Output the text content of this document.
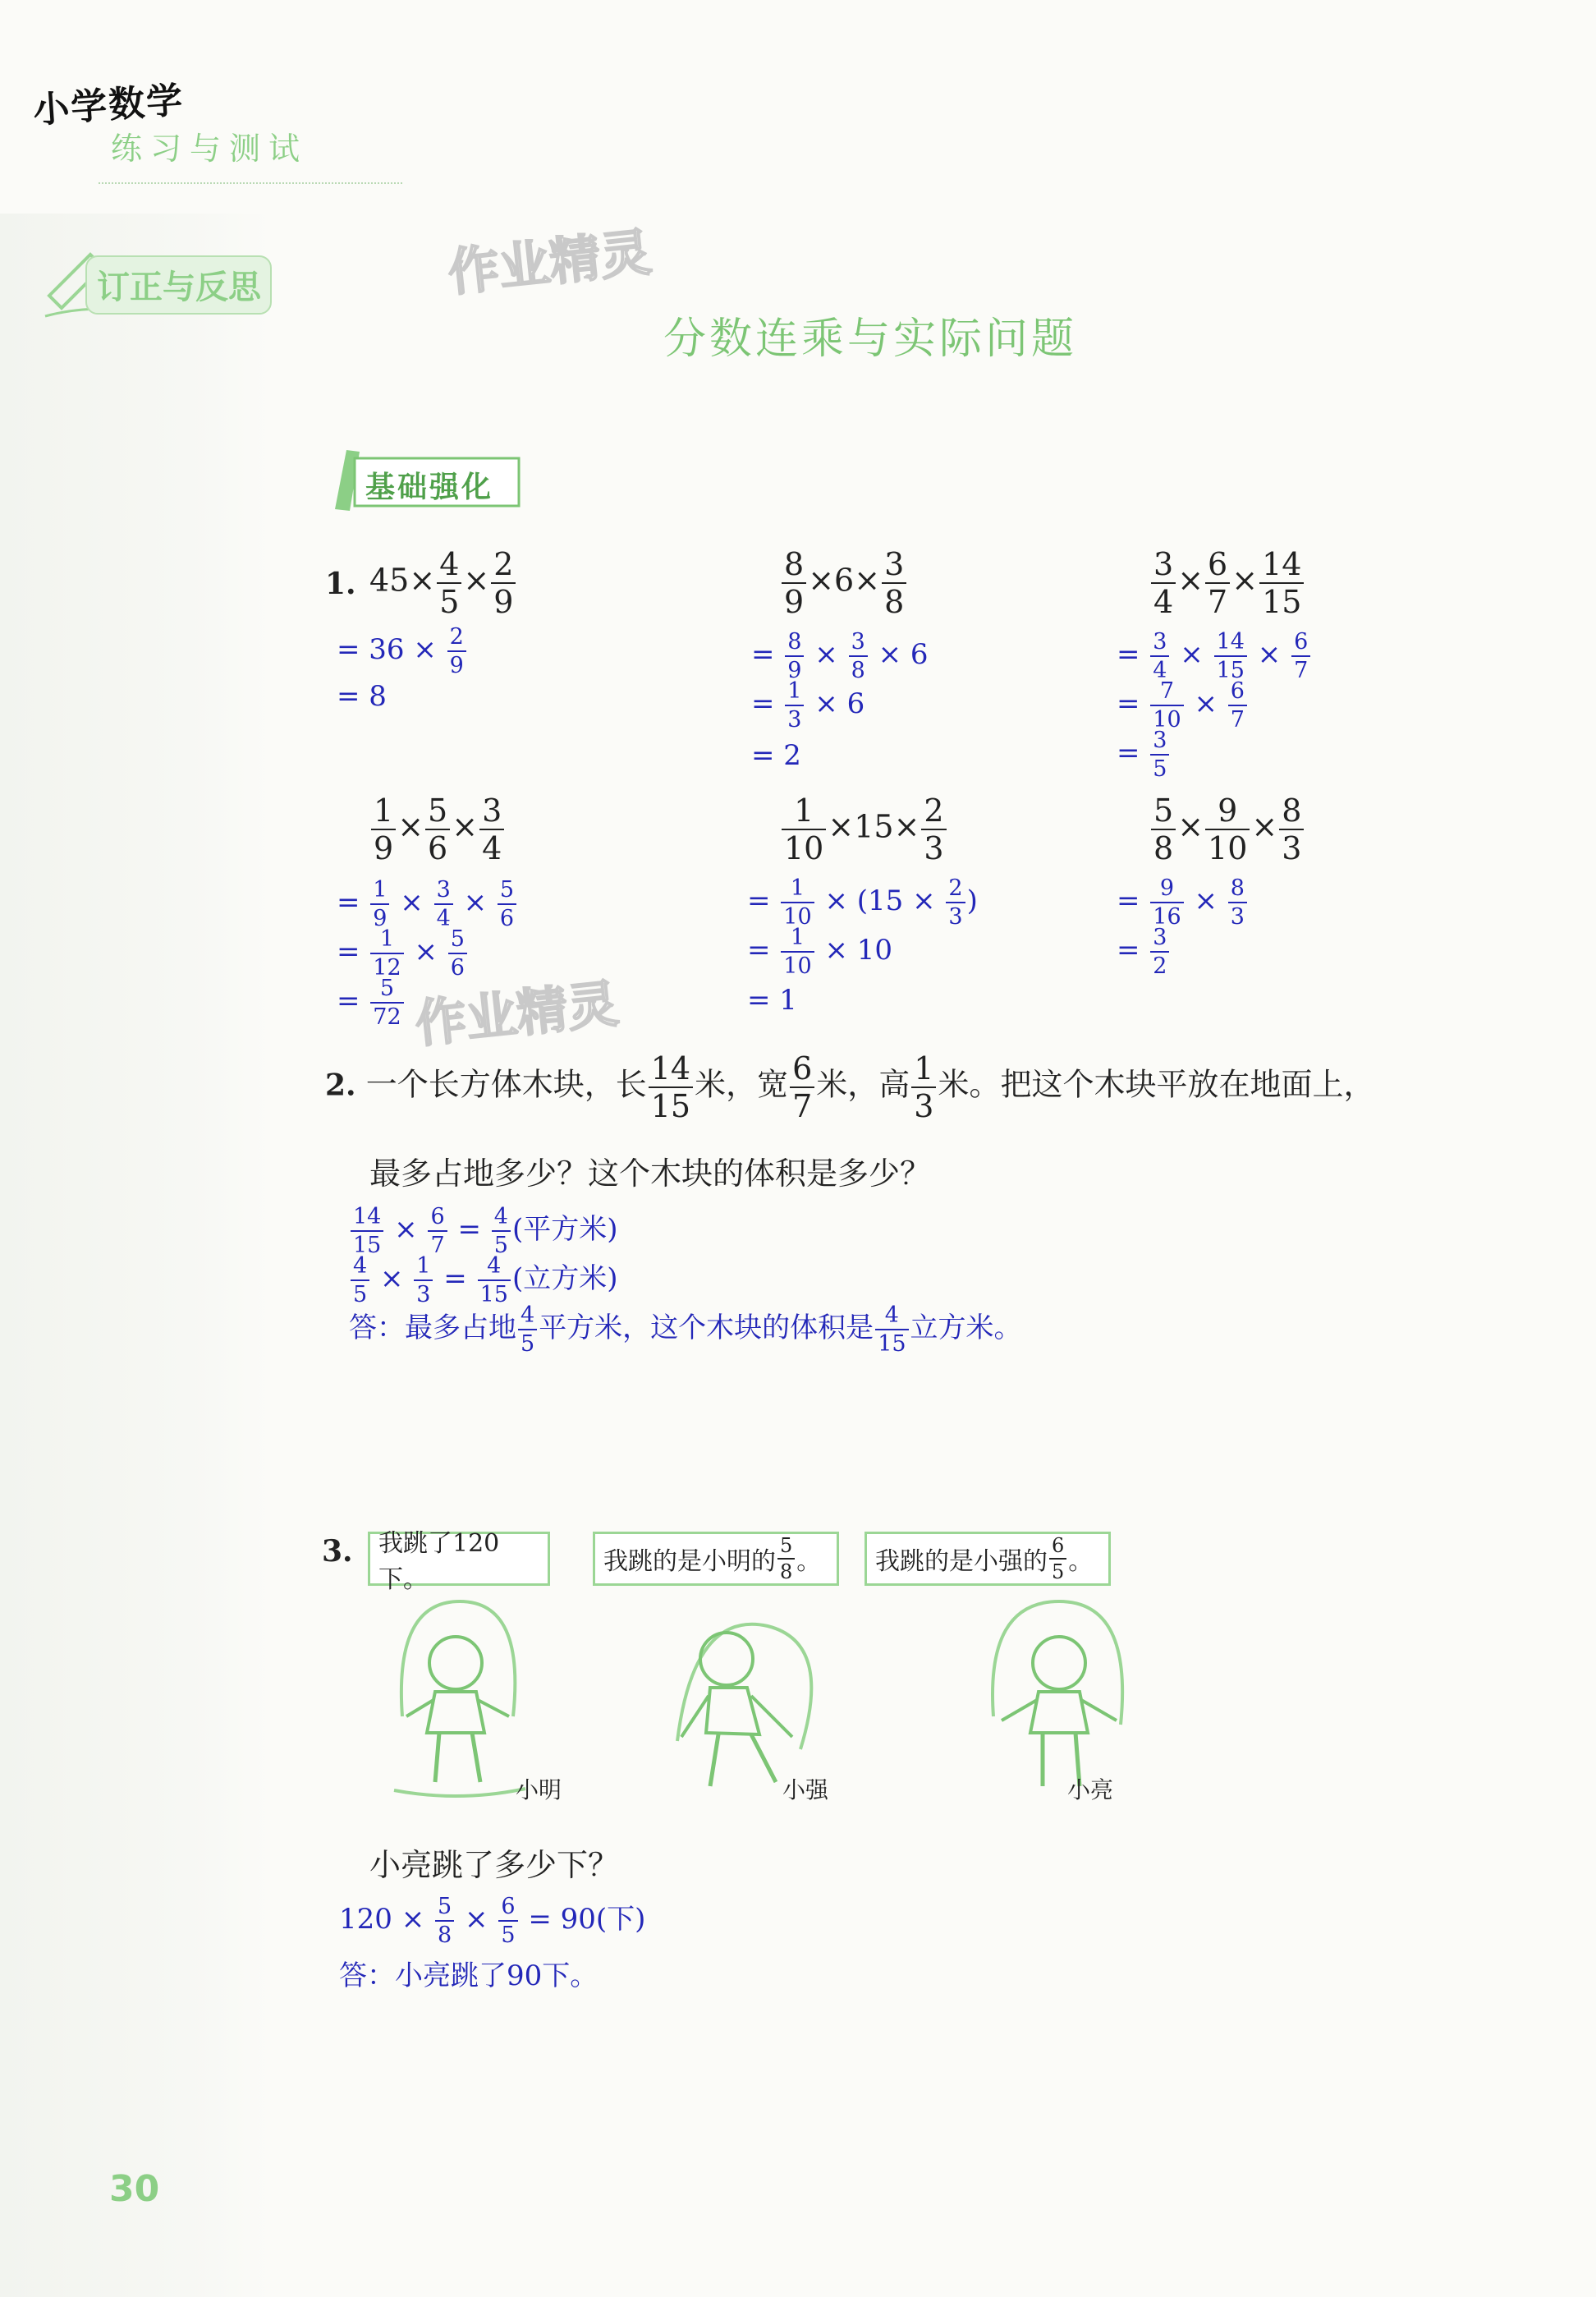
小学数学
练习与测试
订正与反思	作业精灵
作业精灵
分数连乘与实际问题
基础强化
1. $45\times \frac{4}{5} \times \frac{2}{9}$
= $36 \times \frac{2}{9}$
= 8
$\frac{8}{9} \times 6\times \frac{3}{8}$
= $\frac{8}{9} \times \frac{3}{8} \times 6$
= $\frac{1}{3} \times 6$
= 2
$\frac{3}{4} \times \frac{6}{7} \times \frac{14}{15}$
= $\frac{3}{4} \times \frac{14}{15} \times \frac{6}{7}$
= $\frac{7}{10} \times \frac{6}{7}$
= $\frac{3}{5}$
$\frac{1}{9} \times \frac{5}{6} \times \frac{3}{4}$
= $\frac{1}{9} \times \frac{3}{4} \times \frac{5}{6}$
= $\frac{1}{12} \times \frac{5}{6}$
= $\frac{5}{72}$
$\frac{1}{10} \times 15\times \frac{2}{3}$
= $\frac{1}{10} \times (15 \times \frac{2}{3}$ )
= $\frac{1}{10} \times 10$
= 1
$\frac{5}{8} \times \frac{9}{10} \times \frac{8}{3}$
= $\frac{9}{16} \times \frac{8}{3}$
= $\frac{3}{2}$
2. 一个长方体木块，长 $\frac{14}{15}$ 米，宽 $\frac{6}{7}$ 米，高 $\frac{1}{3}$ 米。把这个木块平放在地面上，
最多占地多少？这个木块的体积是多少？
$\frac{14}{15} \times \frac{6}{7} = \frac{4}{5}$ (平方米)
$\frac{4}{5} \times \frac{1}{3} = \frac{4}{15}$ (立方米)
答：最多占地 $\frac{4}{5}$ 平方米，这个木块的体积是 $\frac{4}{15}$ 立方米。
3. 我跳了120下。
我跳的是小明的
5
8 。 我跳的是小强的
6
5 。
小明	小强	小亮
小亮跳了多少下？
$120 \times \frac{5}{8} \times \frac{6}{5} = 90$(下)
答：小亮跳了90下。
30
